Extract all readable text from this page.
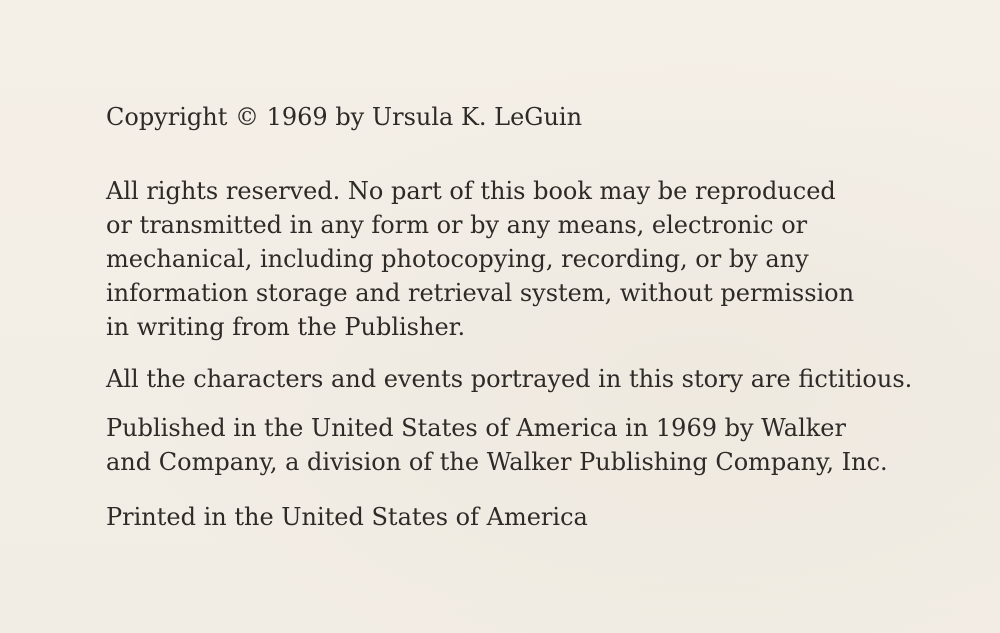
Copyright © 1969 by Ursula K. LeGuin
All rights reserved. No part of this book may be reproduced
or transmitted in any form or by any means, electronic or
mechanical, including photocopying, recording, or by any
information storage and retrieval system, without permission
in writing from the Publisher.
All the characters and events portrayed in this story are fictitious.
Published in the United States of America in 1969 by Walker
and Company, a division of the Walker Publishing Company, Inc.
Printed in the United States of America
